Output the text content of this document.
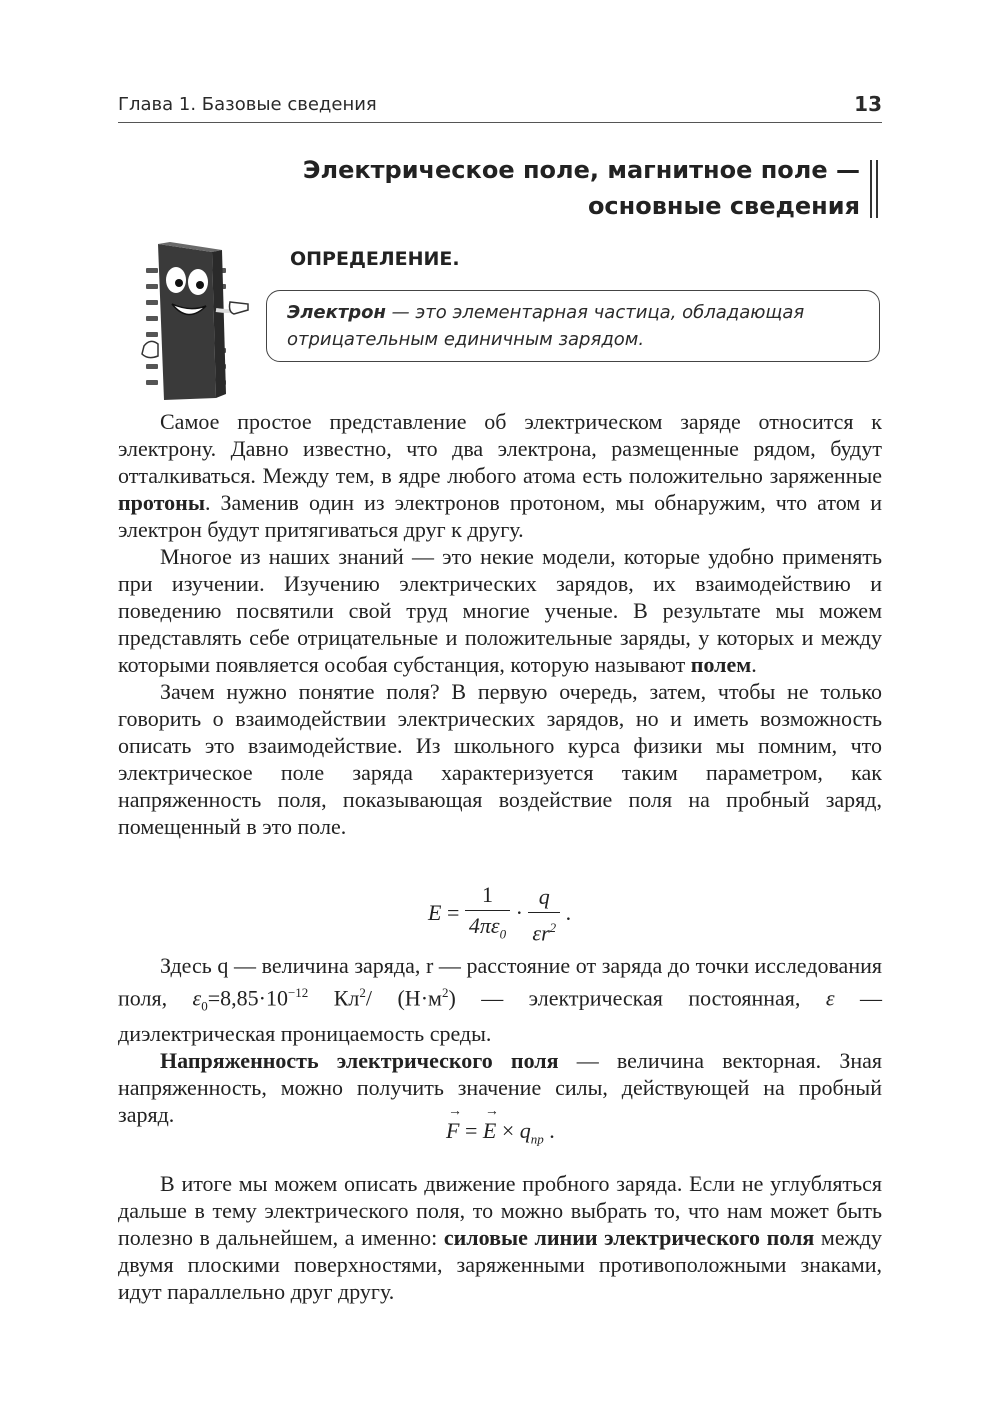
Глава 1. Базовые сведения	13
Электрическое поле, магнитное поле —
основные сведения
ОПРЕДЕЛЕНИЕ.
Электрон — это элементарная частица, обладающая отрицательным единичным зарядом.

Самое простое представление об электрическом заряде относится к электрону. Давно известно, что два электрона, размещенные рядом, будут отталкиваться. Между тем, в ядре любого атома есть положительно заряженные протоны. Заменив один из электронов протоном, мы обнаружим, что атом и электрон будут притягиваться друг к другу.

Многое из наших знаний — это некие модели, которые удобно применять при изучении. Изучению электрических зарядов, их взаимодействию и поведению посвятили свой труд многие ученые. В результате мы можем представлять себе отрицательные и положительные заряды, у которых и между которыми появляется особая субстанция, которую называют полем.

Зачем нужно понятие поля? В первую очередь, затем, чтобы не только говорить о взаимодействии электрических зарядов, но и иметь возможность описать это взаимодействие. Из школьного курса физики мы помним, что электрическое поле заряда характеризуется таким параметром, как напряженность поля, показывающая воздействие поля на пробный заряд, помещенный в это поле.

$E = \frac{1}{4\pi\varepsilon_0} \cdot \frac{q}{\varepsilon r^2}$ .

Здесь q — величина заряда, r — расстояние от заряда до точки исследования поля, $\varepsilon_0=8,85\cdot 10^{-12}$ $Кл^2/$ $(Н\cdot м^2)$ — электрическая постоянная, ε — диэлектрическая проницаемость среды.

Напряженность электрического поля — величина векторная. Зная напряженность, можно получить значение силы, действующей на пробный заряд.

F
→
= E
→
× $q_{пр}$ .

В итоге мы можем описать движение пробного заряда. Если не углубляться дальше в тему электрического поля, то можно выбрать то, что нам может быть полезно в дальнейшем, а именно: силовые линии электрического поля между двумя плоскими поверхностями, заряженными противоположными знаками, идут параллельно друг другу.
